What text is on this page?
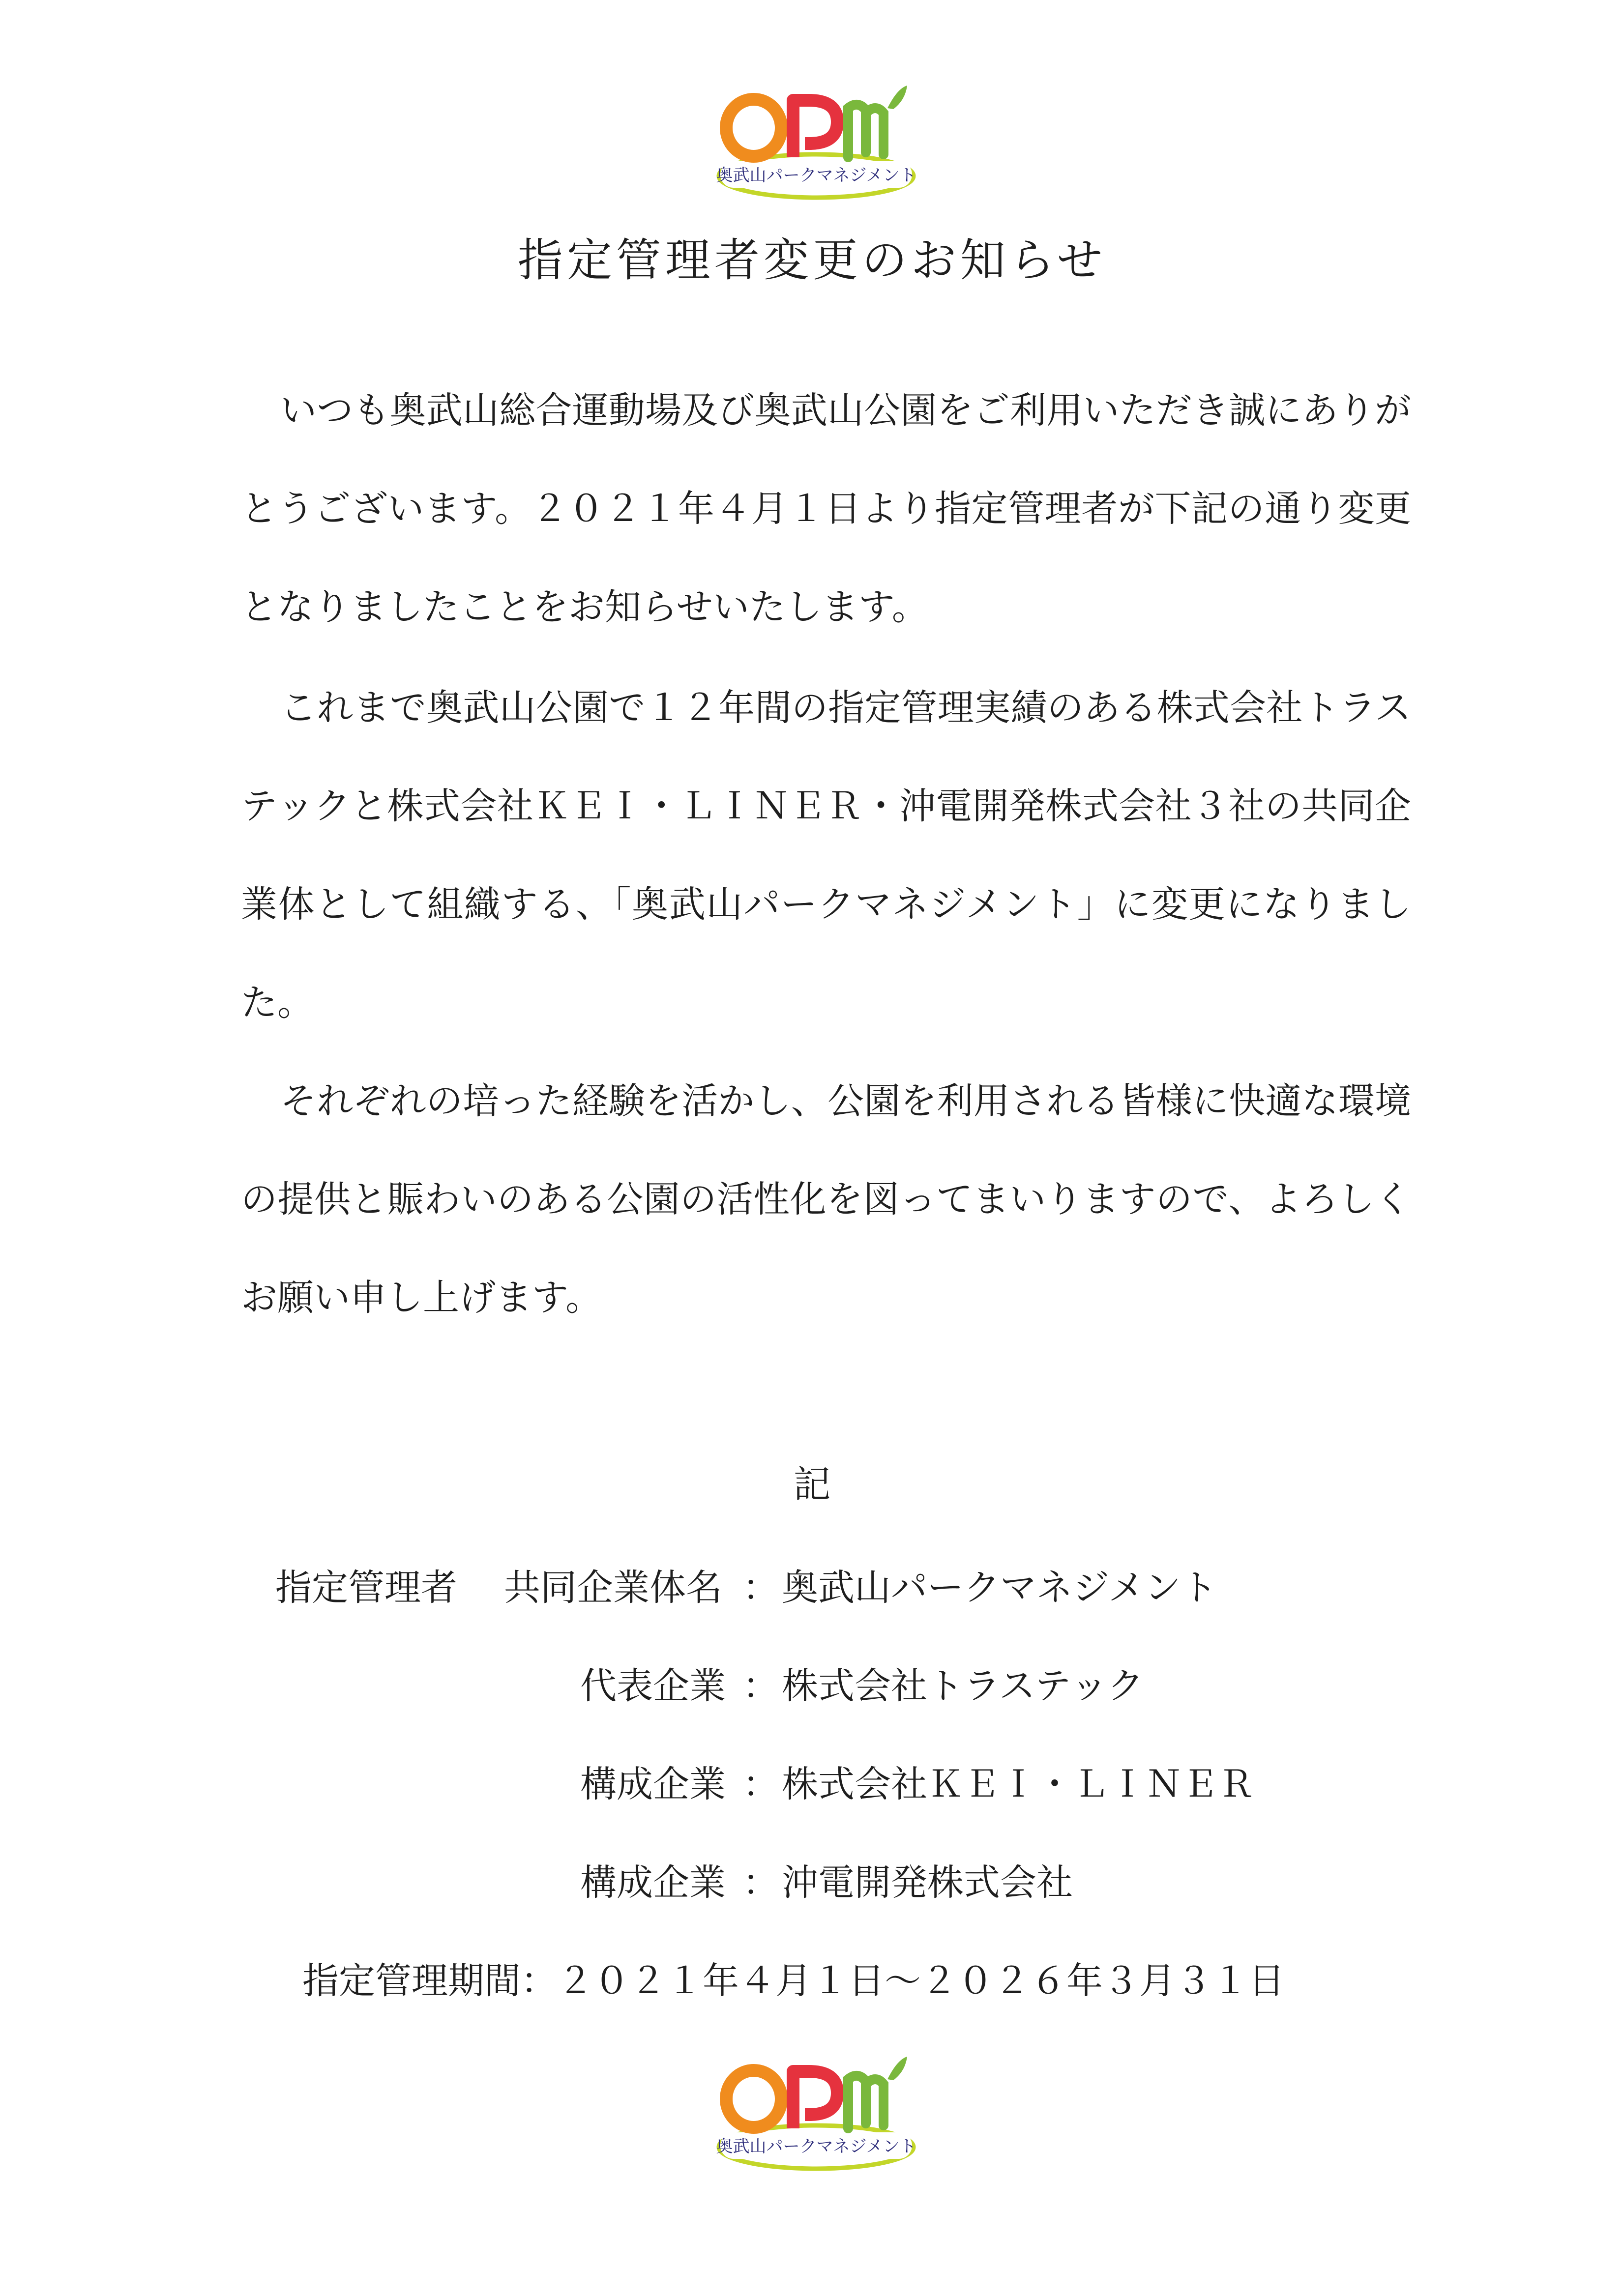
奥武山パークマネジメント
指定管理者変更のお知らせ

いつも奥武山総合運動場及び奥武山公園をご利用いただき誠にありがとうございます。２０２１年４月１日より指定管理者が下記の通り変更となりましたことをお知らせいたします。

これまで奥武山公園で１２年間の指定管理実績のある株式会社トラステックと株式会社ＫＥＩ・ＬＩＮＥＲ・沖電開発株式会社３社の共同企業体として組織する、「奥武山パークマネジメント」に変更になりました。

それぞれの培った経験を活かし、公園を利用される皆様に快適な環境の提供と賑わいのある公園の活性化を図ってまいりますので、よろしくお願い申し上げます。

記
指定管理者 共同企業体名 ： 奥武山パークマネジメント
代表企業 ： 株式会社トラステック
構成企業 ： 株式会社ＫＥＩ・ＬＩＮＥＲ
構成企業 ： 沖電開発株式会社
指定管理期間：２０２１年４月１日～２０２６年３月３１日
奥武山パークマネジメント
